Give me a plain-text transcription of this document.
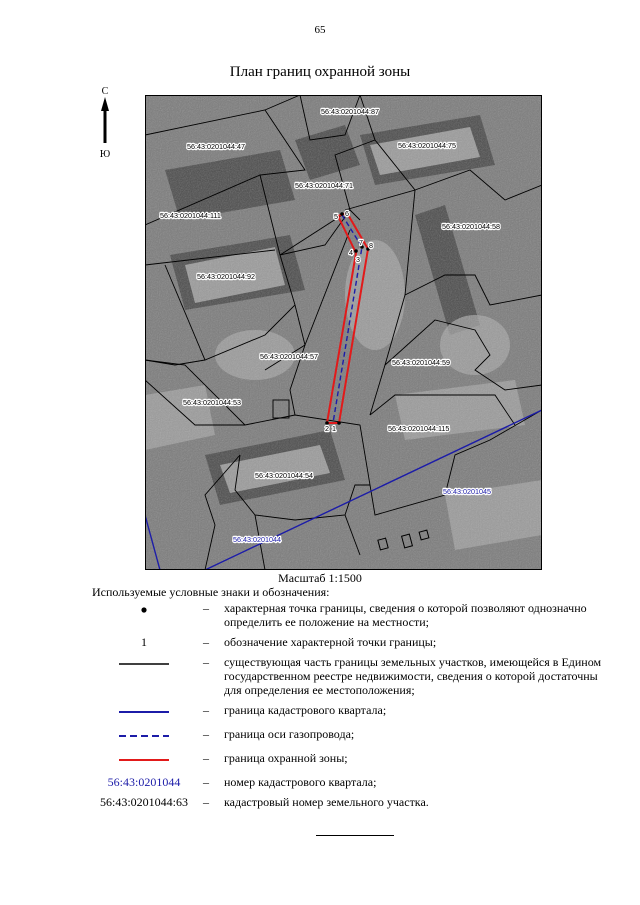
65
План границ охранной зоны
С
Ю
56:43:0201044:87
56:43:0201044:47	56:43:0201044:75
56:43:0201044:71
56:43:0201044:111
56:43:0201044:58
56:43:0201044:92
56:43:0201044:57
56:43:0201044:59
56:43:0201044:53
56:43:0201044:115
56:43:0201044:54
5 6
4
7 8
3
2 1
56:43:0201045
56:43:0201044
Масштаб 1:1500
Используемые условные знаки и обозначения:
–	характерная точка границы, сведения о которой позволяют однозначно определить ее положение на местности;
1	–	обозначение характерной точки границы;
–	существующая часть границы земельных участков, имеющейся в Едином государственном реестре недвижимости, сведения о которой достаточны для определения ее местоположения;
–	граница кадастрового квартала;
–	граница оси газопровода;
–	граница охранной зоны;
56:43:0201044	–	номер кадастрового квартала;
56:43:0201044:63	–	кадастровый номер земельного участка.
